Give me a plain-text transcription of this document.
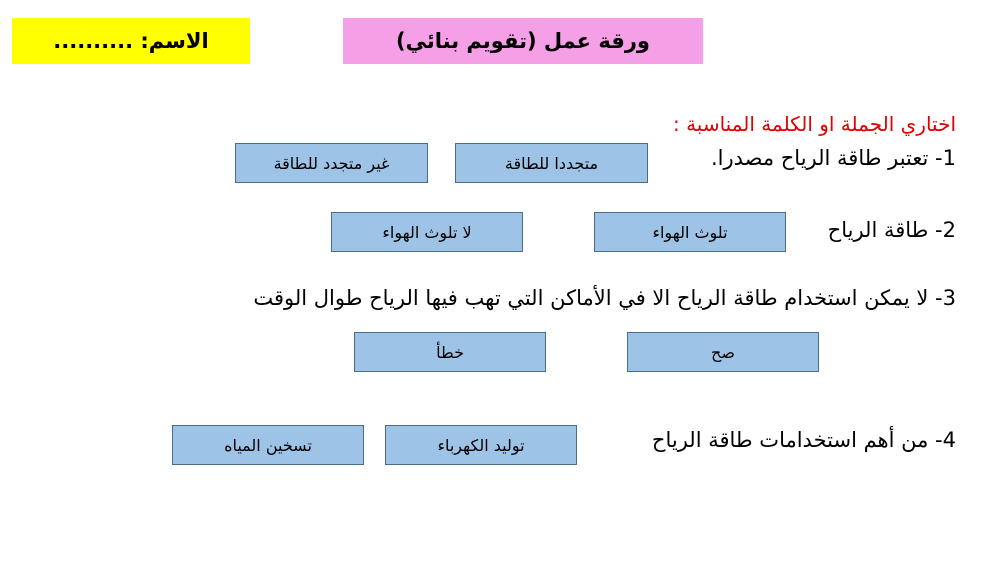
الاسم: ..........	ورقة عمل (تقويم بنائي)
اختاري الجملة او الكلمة المناسبة :
1- تعتبر طاقة الرياح مصدرا.
متجددا للطاقة
غير متجدد للطاقة
2- طاقة الرياح
تلوث الهواء
لا تلوث الهواء
3- لا يمكن استخدام طاقة الرياح الا في الأماكن التي تهب فيها الرياح طوال الوقت
صح
خطأ
4- من أهم استخدامات طاقة الرياح
توليد الكهرباء
تسخين المياه
